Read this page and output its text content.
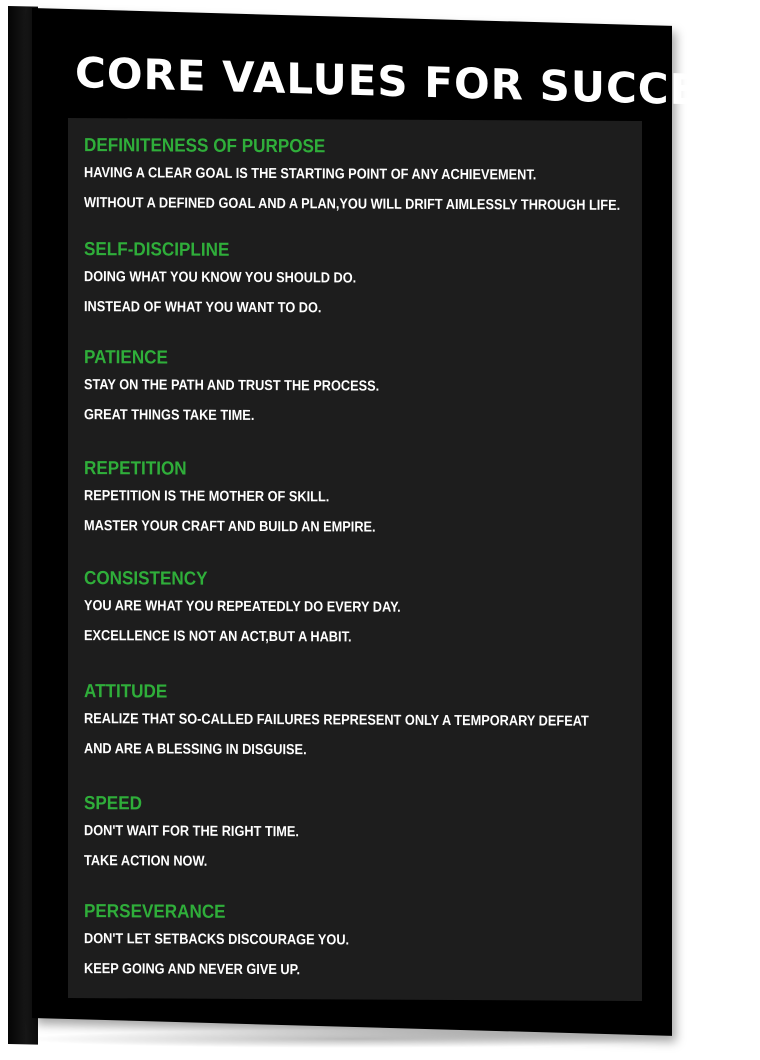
CORE VALUES FOR SUCCESS
DEFINITENESS OF PURPOSE
HAVING A CLEAR GOAL IS THE STARTING POINT OF ANY ACHIEVEMENT.
WITHOUT A DEFINED GOAL AND A PLAN,YOU WILL DRIFT AIMLESSLY THROUGH LIFE.
SELF-DISCIPLINE
DOING WHAT YOU KNOW YOU SHOULD DO.
INSTEAD OF WHAT YOU WANT TO DO.
PATIENCE
STAY ON THE PATH AND TRUST THE PROCESS.
GREAT THINGS TAKE TIME.
REPETITION
REPETITION IS THE MOTHER OF SKILL.
MASTER YOUR CRAFT AND BUILD AN EMPIRE.
CONSISTENCY
YOU ARE WHAT YOU REPEATEDLY DO EVERY DAY.
EXCELLENCE IS NOT AN ACT,BUT A HABIT.
ATTITUDE
REALIZE THAT SO-CALLED FAILURES REPRESENT ONLY A TEMPORARY DEFEAT
AND ARE A BLESSING IN DISGUISE.
SPEED
DON'T WAIT FOR THE RIGHT TIME.
TAKE ACTION NOW.
PERSEVERANCE
DON'T LET SETBACKS DISCOURAGE YOU.
KEEP GOING AND NEVER GIVE UP.
